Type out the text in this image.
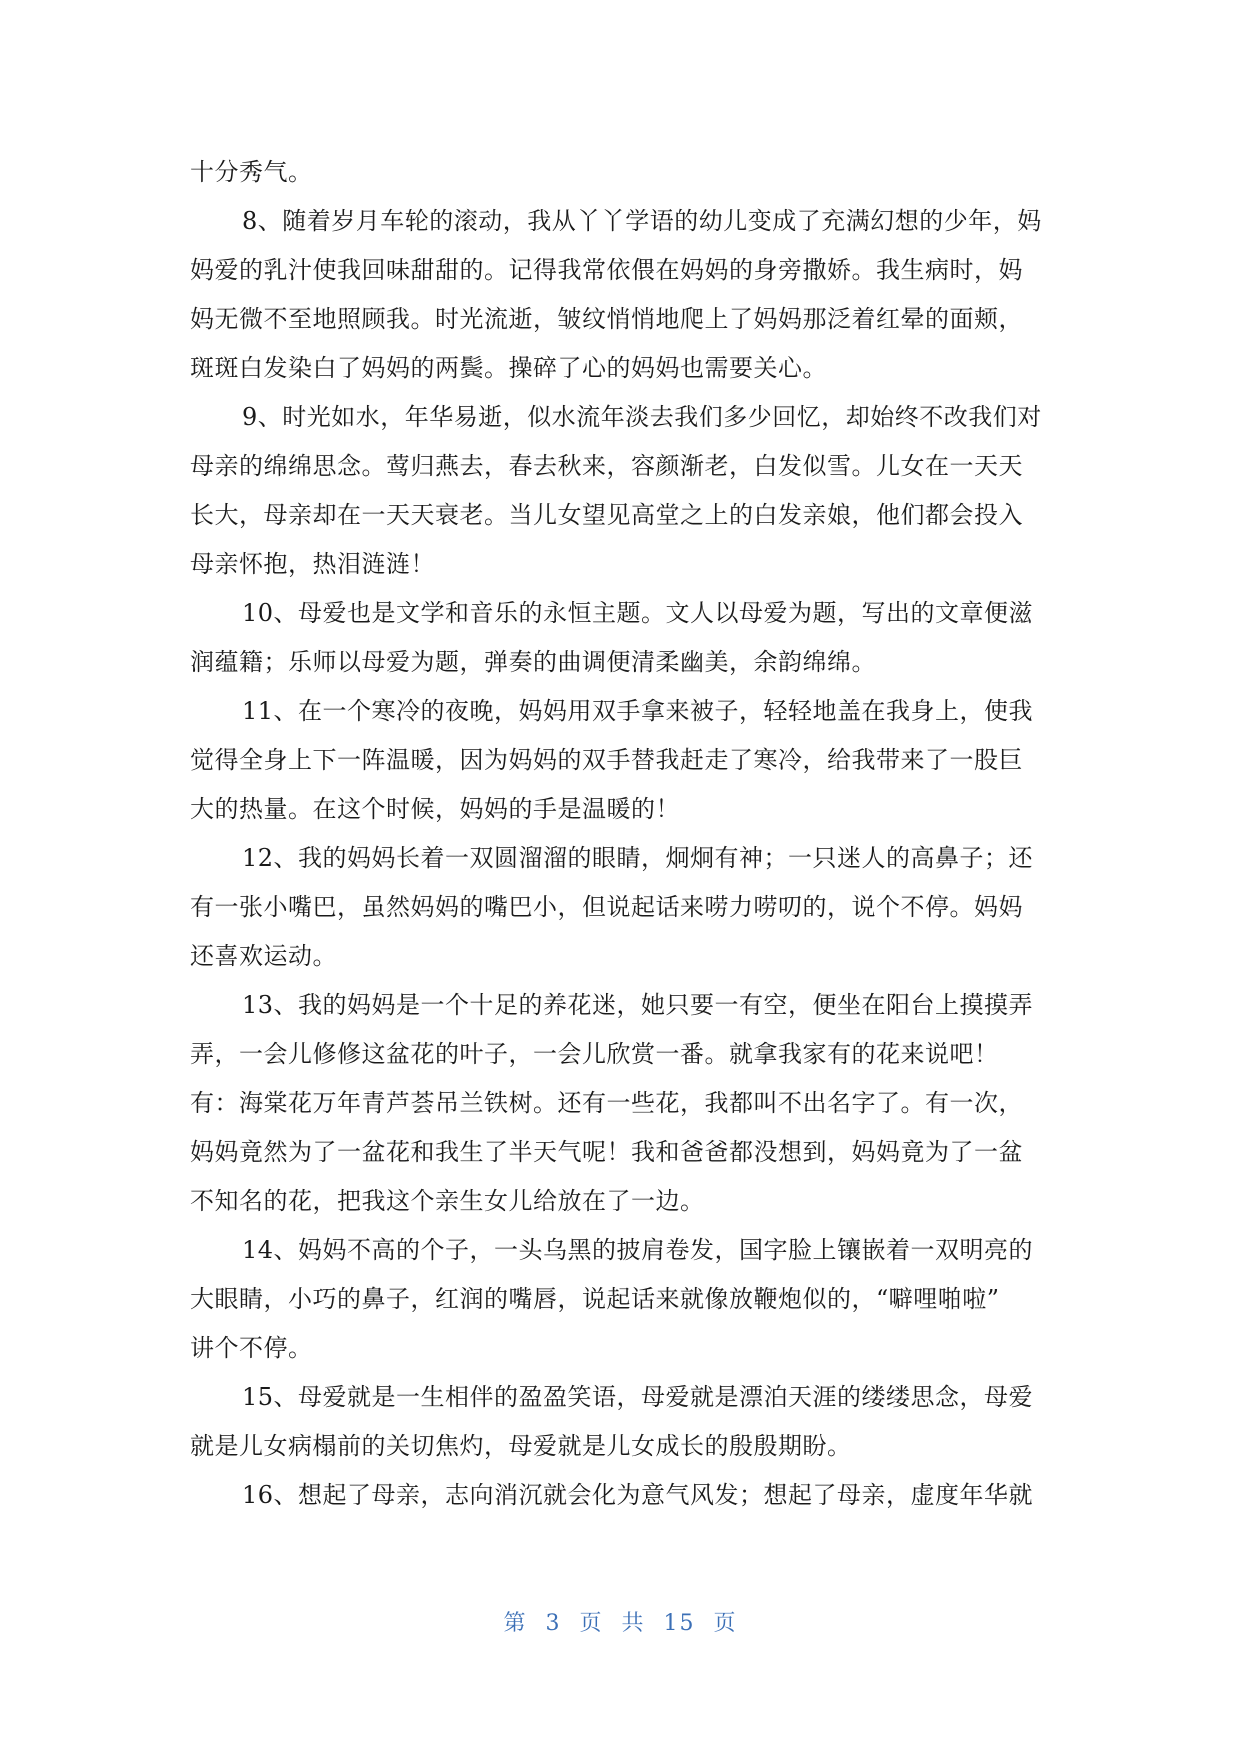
十分秀气。
8、随着岁月车轮的滚动，我从丫丫学语的幼儿变成了充满幻想的少年，妈
妈爱的乳汁使我回味甜甜的。记得我常依偎在妈妈的身旁撒娇。我生病时，妈
妈无微不至地照顾我。时光流逝，皱纹悄悄地爬上了妈妈那泛着红晕的面颊，
斑斑白发染白了妈妈的两鬓。操碎了心的妈妈也需要关心。
9、时光如水，年华易逝，似水流年淡去我们多少回忆，却始终不改我们对
母亲的绵绵思念。莺归燕去，春去秋来，容颜渐老，白发似雪。儿女在一天天
长大，母亲却在一天天衰老。当儿女望见高堂之上的白发亲娘，他们都会投入
母亲怀抱，热泪涟涟！
10、母爱也是文学和音乐的永恒主题。文人以母爱为题，写出的文章便滋
润蕴籍；乐师以母爱为题，弹奏的曲调便清柔幽美，余韵绵绵。
11、在一个寒冷的夜晚，妈妈用双手拿来被子，轻轻地盖在我身上，使我
觉得全身上下一阵温暖，因为妈妈的双手替我赶走了寒冷，给我带来了一股巨
大的热量。在这个时候，妈妈的手是温暖的！
12、我的妈妈长着一双圆溜溜的眼睛，炯炯有神；一只迷人的高鼻子；还
有一张小嘴巴，虽然妈妈的嘴巴小，但说起话来唠力唠叨的，说个不停。妈妈
还喜欢运动。
13、我的妈妈是一个十足的养花迷，她只要一有空，便坐在阳台上摸摸弄
弄，一会儿修修这盆花的叶子，一会儿欣赏一番。就拿我家有的花来说吧！
有：海棠花万年青芦荟吊兰铁树。还有一些花，我都叫不出名字了。有一次，
妈妈竟然为了一盆花和我生了半天气呢！我和爸爸都没想到，妈妈竟为了一盆
不知名的花，把我这个亲生女儿给放在了一边。
14、妈妈不高的个子，一头乌黑的披肩卷发，国字脸上镶嵌着一双明亮的
大眼睛，小巧的鼻子，红润的嘴唇，说起话来就像放鞭炮似的，“噼哩啪啦”
讲个不停。
15、母爱就是一生相伴的盈盈笑语，母爱就是漂泊天涯的缕缕思念，母爱
就是儿女病榻前的关切焦灼，母爱就是儿女成长的殷殷期盼。
16、想起了母亲，志向消沉就会化为意气风发；想起了母亲，虚度年华就
第 3 页 共 15 页
